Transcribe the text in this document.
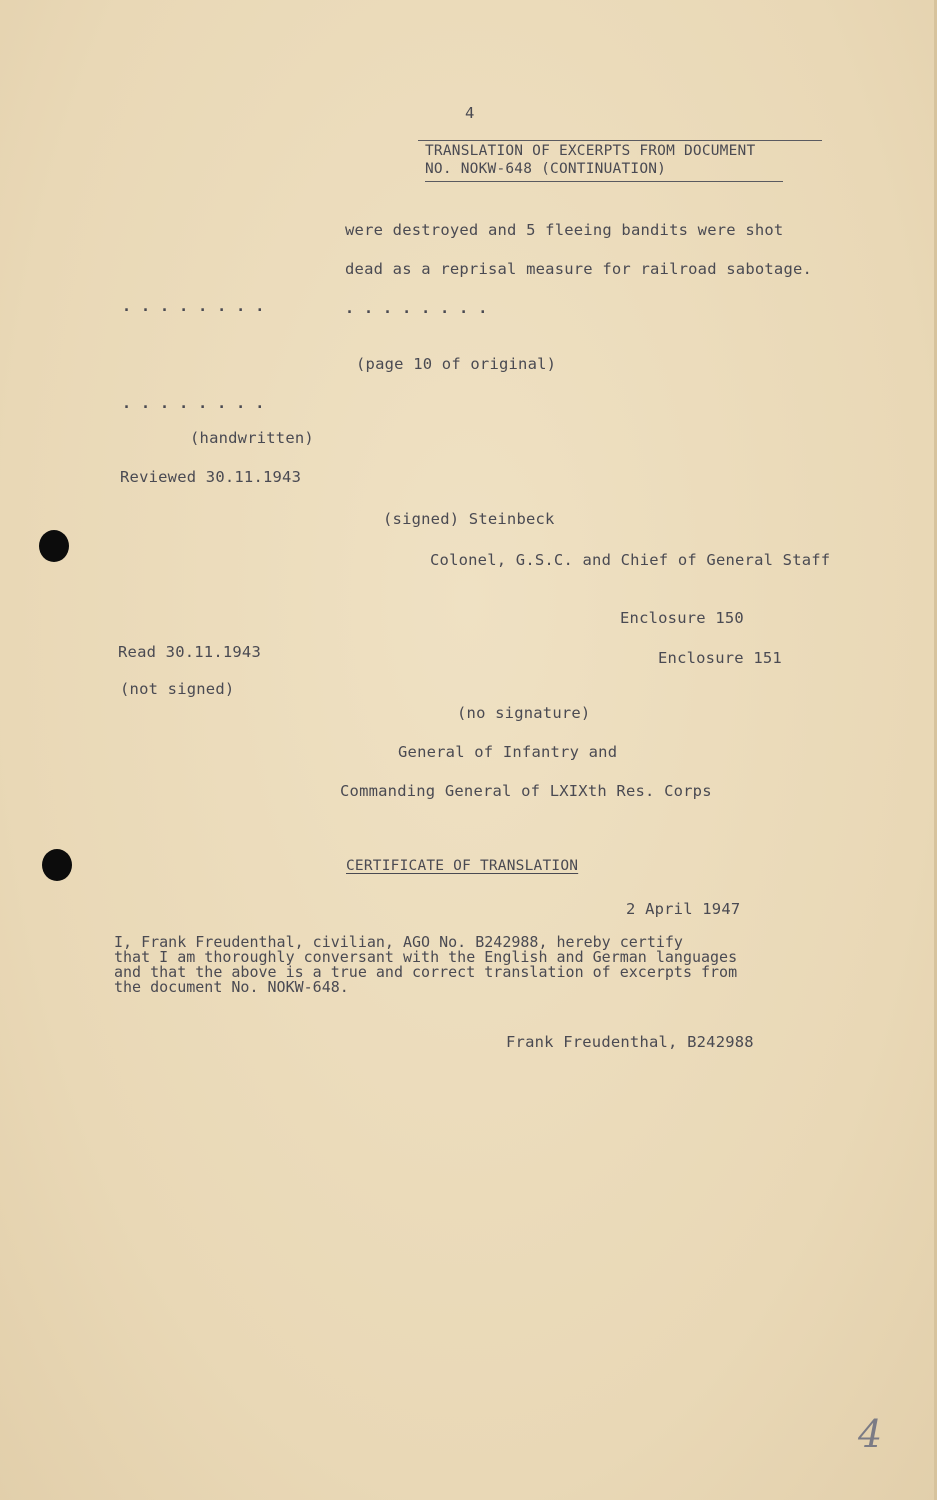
4
TRANSLATION OF EXCERPTS FROM DOCUMENT
NO. NOKW-648 (CONTINUATION)
were destroyed and 5 fleeing bandits were shot
dead as a reprisal measure for railroad sabotage.
........	........
(page 10 of original)
........
(handwritten)
Reviewed 30.11.1943
(signed) Steinbeck
Colonel, G.S.C. and Chief of General Staff
Enclosure 150
Read 30.11.1943	Enclosure 151
(not signed)
(no signature)
General of Infantry and
Commanding General of LXIXth Res. Corps
CERTIFICATE OF TRANSLATION
2 April 1947
I, Frank Freudenthal, civilian, AGO No. B242988, hereby certify
that I am thoroughly conversant with the English and German languages
and that the above is a true and correct translation of excerpts from
the document No. NOKW-648.
Frank Freudenthal, B242988
4
